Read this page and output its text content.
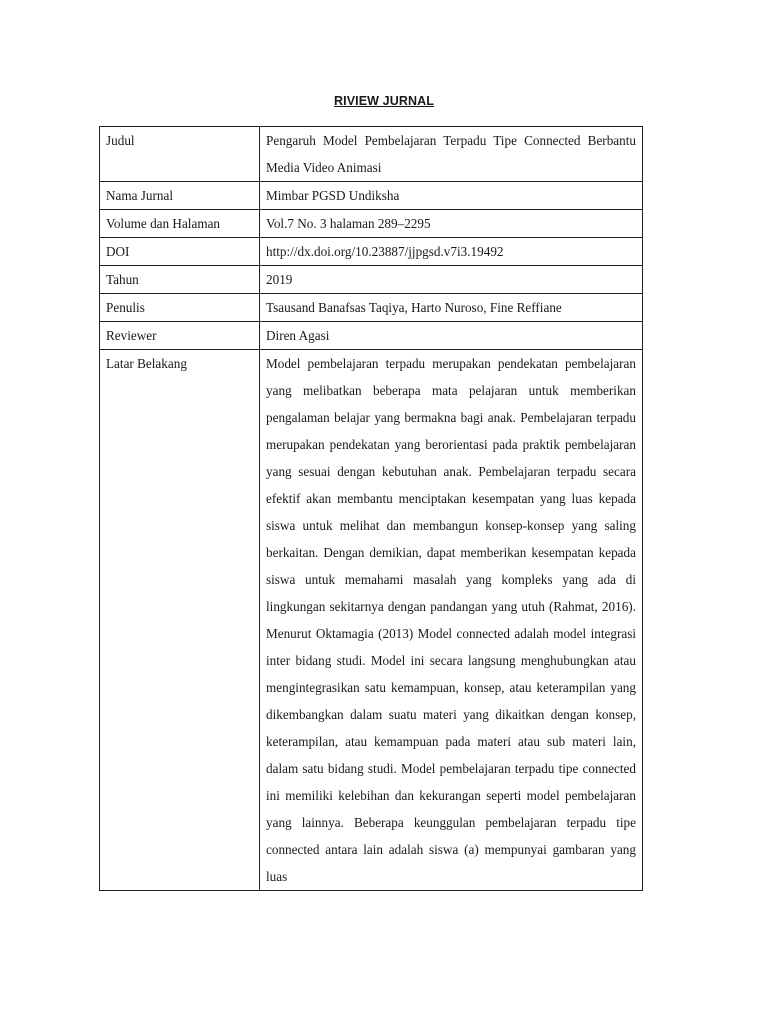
RIVIEW JURNAL
Judul	Pengaruh Model Pembelajaran Terpadu Tipe Connected Berbantu Media Video Animasi
Nama Jurnal	Mimbar PGSD Undiksha
Volume dan Halaman	Vol.7 No. 3 halaman 289–2295
DOI	http://dx.doi.org/10.23887/jjpgsd.v7i3.19492
Tahun	2019
Penulis	Tsausand Banafsas Taqiya, Harto Nuroso, Fine Reffiane
Reviewer	Diren Agasi
Latar Belakang	Model pembelajaran terpadu merupakan pendekatan pembelajaran yang melibatkan beberapa mata pelajaran untuk memberikan pengalaman belajar yang bermakna bagi anak. Pembelajaran terpadu merupakan pendekatan yang berorientasi pada praktik pembelajaran yang sesuai dengan kebutuhan anak. Pembelajaran terpadu secara efektif akan membantu menciptakan kesempatan yang luas kepada siswa untuk melihat dan membangun konsep-konsep yang saling berkaitan. Dengan demikian, dapat memberikan kesempatan kepada siswa untuk memahami masalah yang kompleks yang ada di lingkungan sekitarnya dengan pandangan yang utuh (Rahmat, 2016). Menurut Oktamagia (2013) Model connected adalah model integrasi inter bidang studi. Model ini secara langsung menghubungkan atau mengintegrasikan satu kemampuan, konsep, atau keterampilan yang dikembangkan dalam suatu materi yang dikaitkan dengan konsep, keterampilan, atau kemampuan pada materi atau sub materi lain, dalam satu bidang studi. Model pembelajaran terpadu tipe connected ini memiliki kelebihan dan kekurangan seperti model pembelajaran yang lainnya. Beberapa keunggulan pembelajaran terpadu tipe connected antara lain adalah siswa (a) mempunyai gambaran yang luas
